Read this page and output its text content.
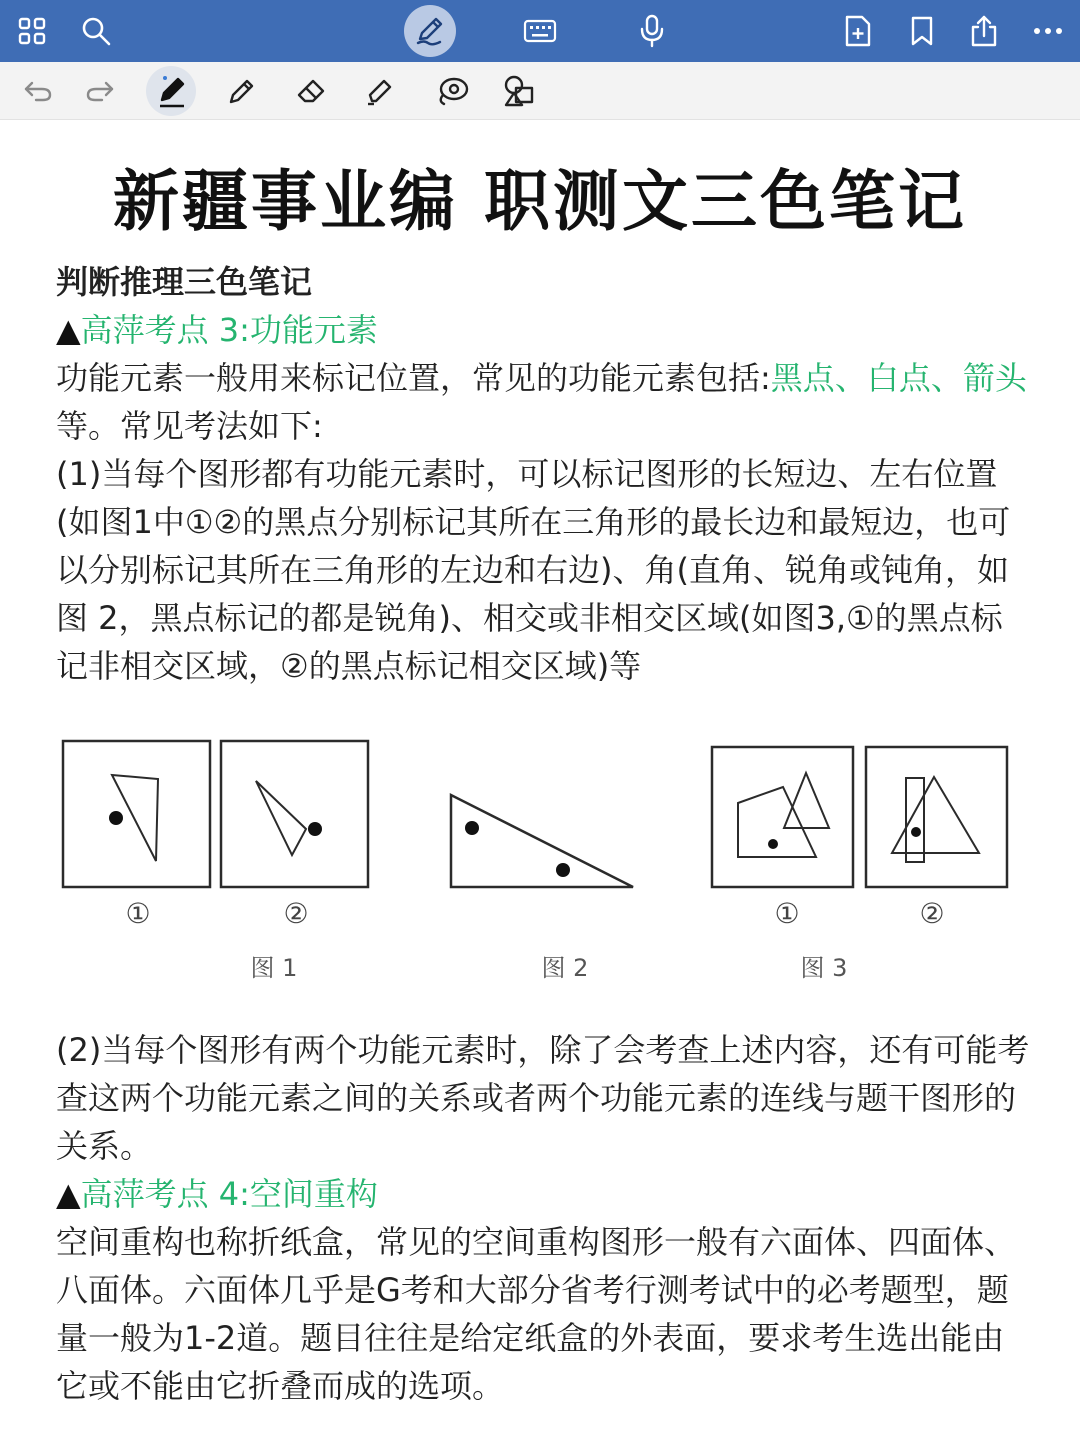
新疆事业编 职测文三色笔记

判断推理三色笔记

▲高萍考点 3:功能元素

功能元素一般用来标记位置，常见的功能元素包括:黑点、白点、箭头等。常见考法如下:

(1)当每个图形都有功能元素时，可以标记图形的长短边、左右位置(如图1中①②的黑点分别标记其所在三角形的最长边和最短边，也可以分别标记其所在三角形的左边和右边)、角(直角、锐角或钝角，如图 2，黑点标记的都是锐角)、相交或非相交区域(如图3,①的黑点标记非相交区域，②的黑点标记相交区域)等

①	②	①	②
图 1	图 2	图 3

(2)当每个图形有两个功能元素时，除了会考查上述内容，还有可能考查这两个功能元素之间的关系或者两个功能元素的连线与题干图形的关系。

▲高萍考点 4:空间重构

空间重构也称折纸盒，常见的空间重构图形一般有六面体、四面体、八面体。六面体几乎是G考和大部分省考行测考试中的必考题型，题量一般为1-2道。题目往往是给定纸盒的外表面，要求考生选出能由它或不能由它折叠而成的选项。
